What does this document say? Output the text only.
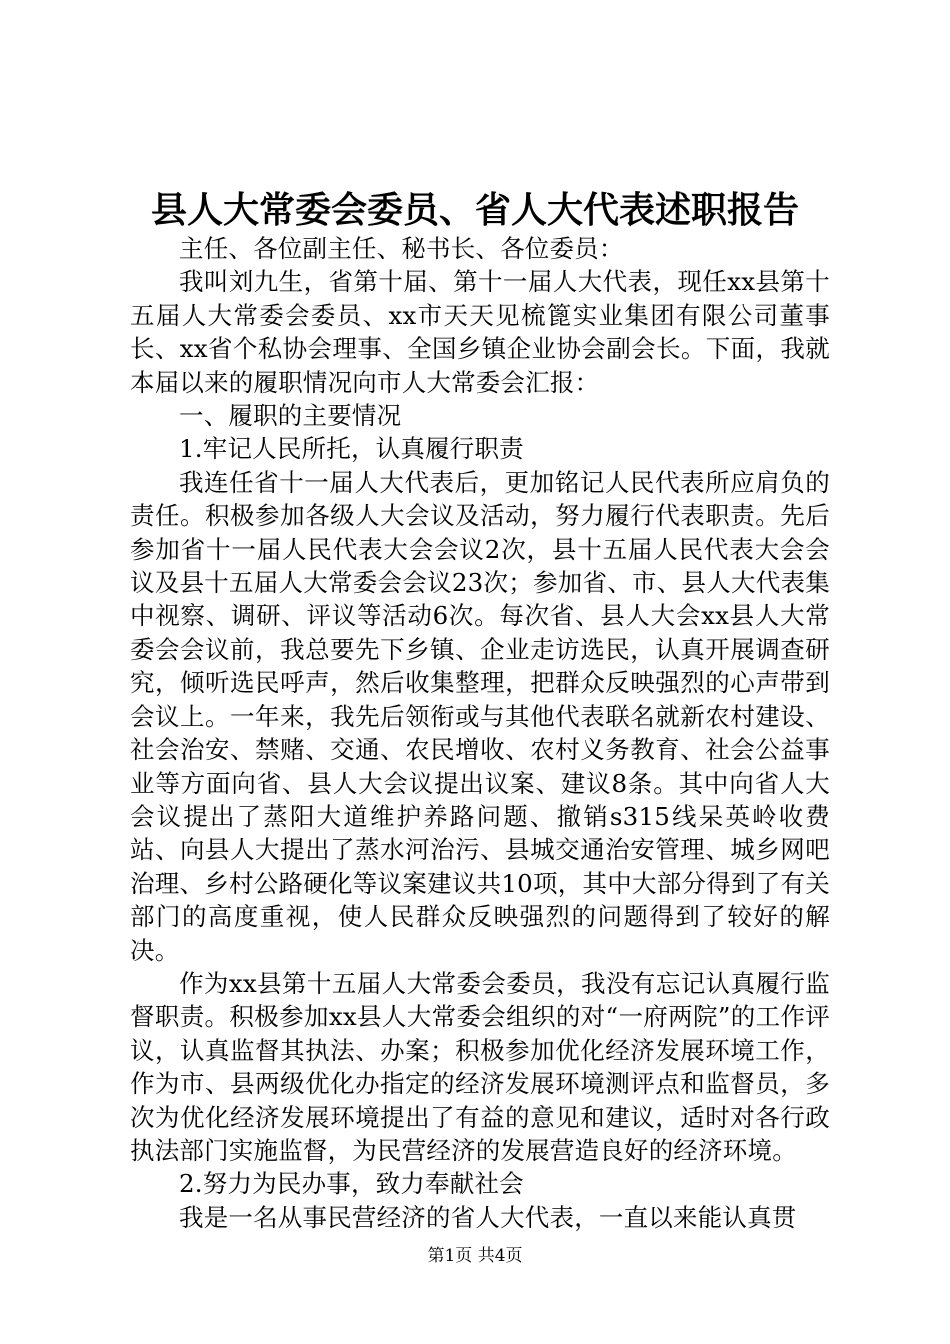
县人大常委会委员、省人大代表述职报告

主任、各位副主任、秘书长、各位委员：

我叫刘九生，省第十届、第十一届人大代表，现任xx县第十五届人大常委会委员、xx市天天见梳篦实业集团有限公司董事长、xx省个私协会理事、全国乡镇企业协会副会长。下面，我就本届以来的履职情况向市人大常委会汇报：

一、履职的主要情况

1.牢记人民所托，认真履行职责

我连任省十一届人大代表后，更加铭记人民代表所应肩负的责任。积极参加各级人大会议及活动，努力履行代表职责。先后参加省十一届人民代表大会会议2次，县十五届人民代表大会会议及县十五届人大常委会会议23次；参加省、市、县人大代表集中视察、调研、评议等活动6次。每次省、县人大会xx县人大常委会会议前，我总要先下乡镇、企业走访选民，认真开展调查研究，倾听选民呼声，然后收集整理，把群众反映强烈的心声带到会议上。一年来，我先后领衔或与其他代表联名就新农村建设、社会治安、禁赌、交通、农民增收、农村义务教育、社会公益事业等方面向省、县人大会议提出议案、建议8条。其中向省人大会议提出了蒸阳大道维护养路问题、撤销s315线呆英岭收费站、向县人大提出了蒸水河治污、县城交通治安管理、城乡网吧治理、乡村公路硬化等议案建议共10项，其中大部分得到了有关部门的高度重视，使人民群众反映强烈的问题得到了较好的解决。

作为xx县第十五届人大常委会委员，我没有忘记认真履行监督职责。积极参加xx县人大常委会组织的对“一府两院”的工作评议，认真监督其执法、办案；积极参加优化经济发展环境工作，作为市、县两级优化办指定的经济发展环境测评点和监督员，多次为优化经济发展环境提出了有益的意见和建议，适时对各行政执法部门实施监督，为民营经济的发展营造良好的经济环境。

2.努力为民办事，致力奉献社会

我是一名从事民营经济的省人大代表，一直以来能认真贯

第1页 共4页
